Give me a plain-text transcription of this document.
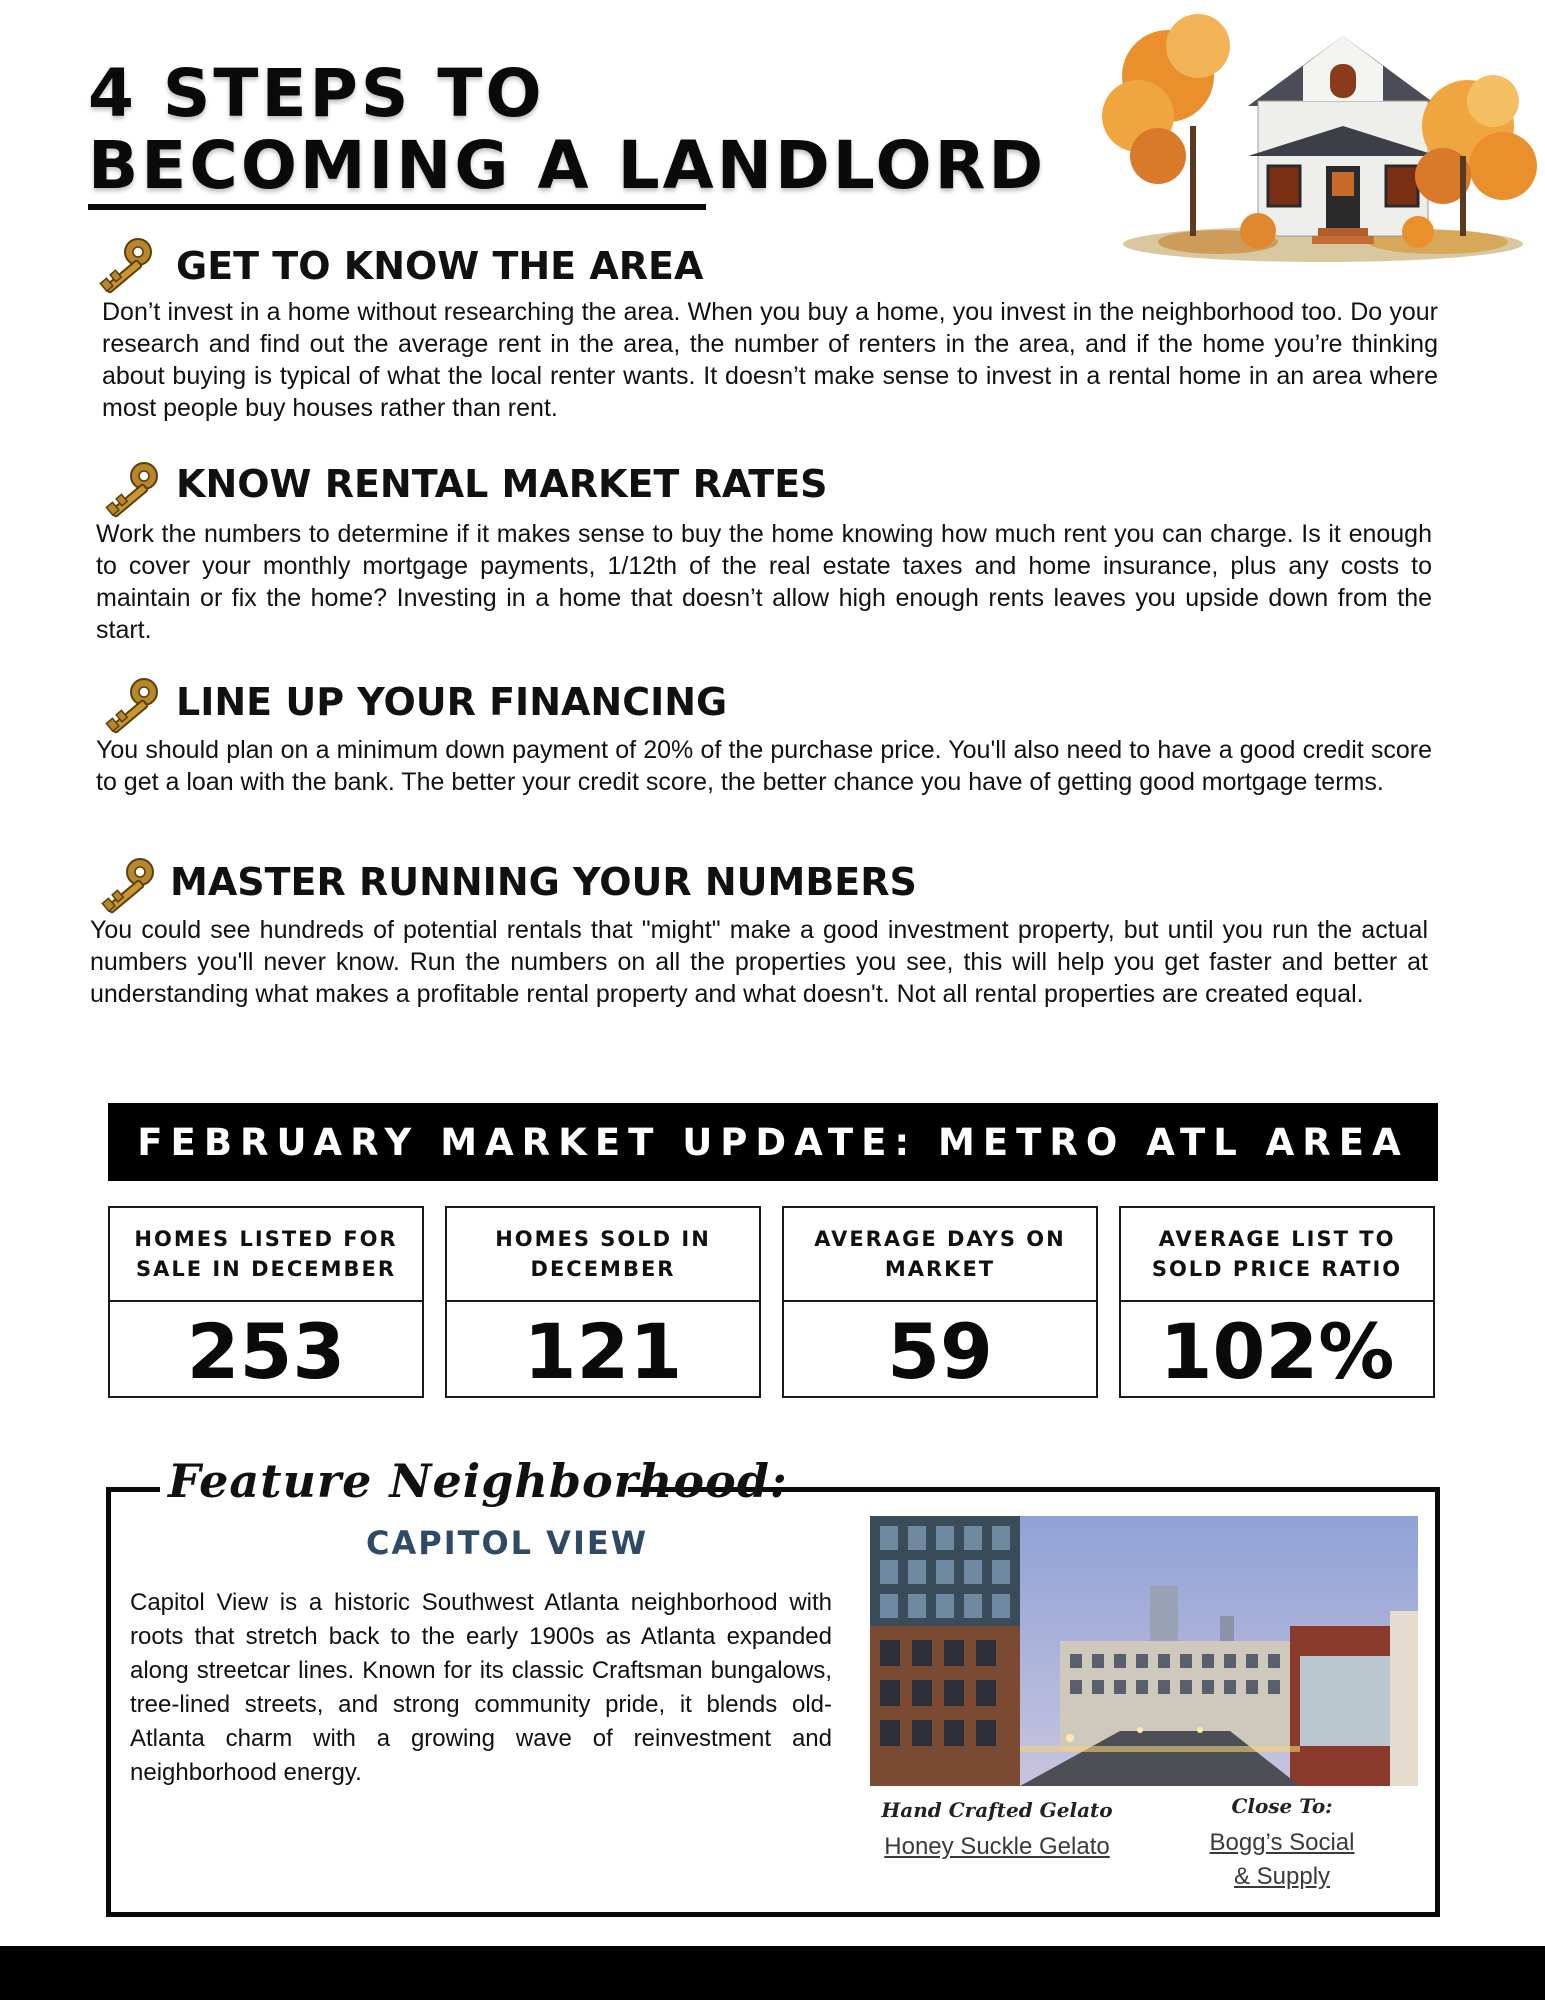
4 STEPS TO
BECOMING A LANDLORD
GET TO KNOW THE AREA

Don’t invest in a home without researching the area. When you buy a home, you invest in the neighborhood too. Do your research and find out the average rent in the area, the number of renters in the area, and if the home you’re thinking about buying is typical of what the local renter wants. It doesn’t make sense to invest in a rental home in an area where most people buy houses rather than rent.

KNOW RENTAL MARKET RATES

Work the numbers to determine if it makes sense to buy the home knowing how much rent you can charge. Is it enough to cover your monthly mortgage payments, 1/12th of the real estate taxes and home insurance, plus any costs to maintain or fix the home? Investing in a home that doesn’t allow high enough rents leaves you upside down from the start.

LINE UP YOUR FINANCING

You should plan on a minimum down payment of 20% of the purchase price. You'll also need to have a good credit score to get a loan with the bank. The better your credit score, the better chance you have of getting good mortgage terms.

MASTER RUNNING YOUR NUMBERS

You could see hundreds of potential rentals that "might" make a good investment property, but until you run the actual numbers you'll never know. Run the numbers on all the properties you see, this will help you get faster and better at understanding what makes a profitable rental property and what doesn't. Not all rental properties are created equal.

FEBRUARY MARKET UPDATE: METRO ATL AREA
HOMES LISTED FOR SALE IN DECEMBER
253
HOMES SOLD IN DECEMBER
121
AVERAGE DAYS ON MARKET
59
AVERAGE LIST TO SOLD PRICE RATIO
102%
Feature Neighborhood:
CAPITOL VIEW

Capitol View is a historic Southwest Atlanta neighborhood with roots that stretch back to the early 1900s as Atlanta expanded along streetcar lines. Known for its classic Craftsman bungalows, tree-lined streets, and strong community pride, it blends old-Atlanta charm with a growing wave of reinvestment and neighborhood energy.

Hand Crafted Gelato

Honey Suckle Gelato

Close To:

Bogg’s Social
& Supply
